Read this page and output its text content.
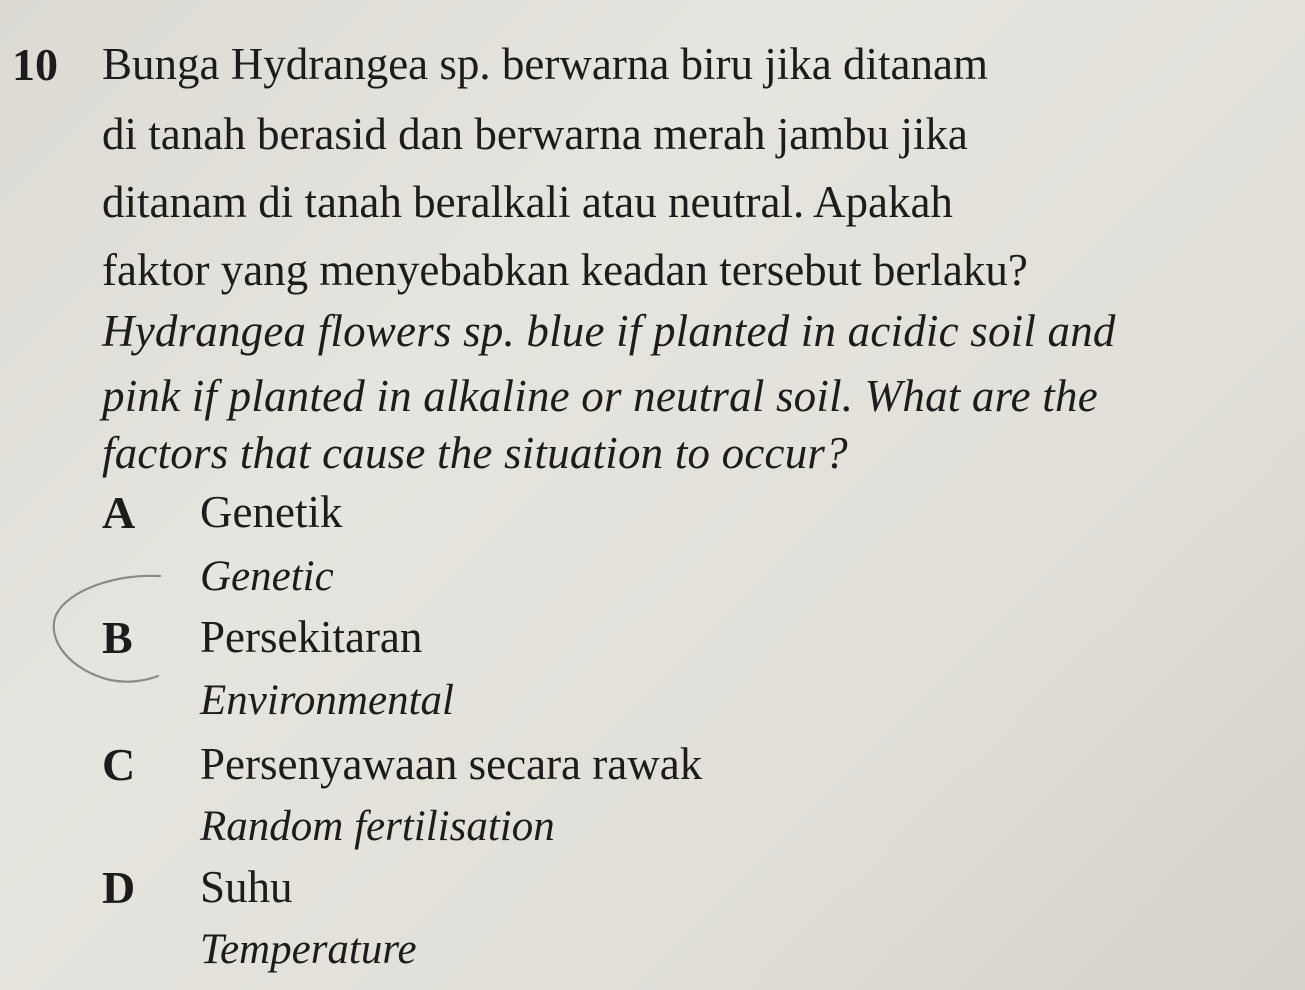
10 Bunga Hydrangea sp. berwarna biru jika ditanam
di tanah berasid dan berwarna merah jambu jika
ditanam di tanah beralkali atau neutral. Apakah
faktor yang menyebabkan keadan tersebut berlaku?
Hydrangea flowers sp. blue if planted in acidic soil and
pink if planted in alkaline or neutral soil. What are the
factors that cause the situation to occur?
A Genetik
Genetic
B Persekitaran
Environmental
C Persenyawaan secara rawak
Random fertilisation
D Suhu
Temperature
